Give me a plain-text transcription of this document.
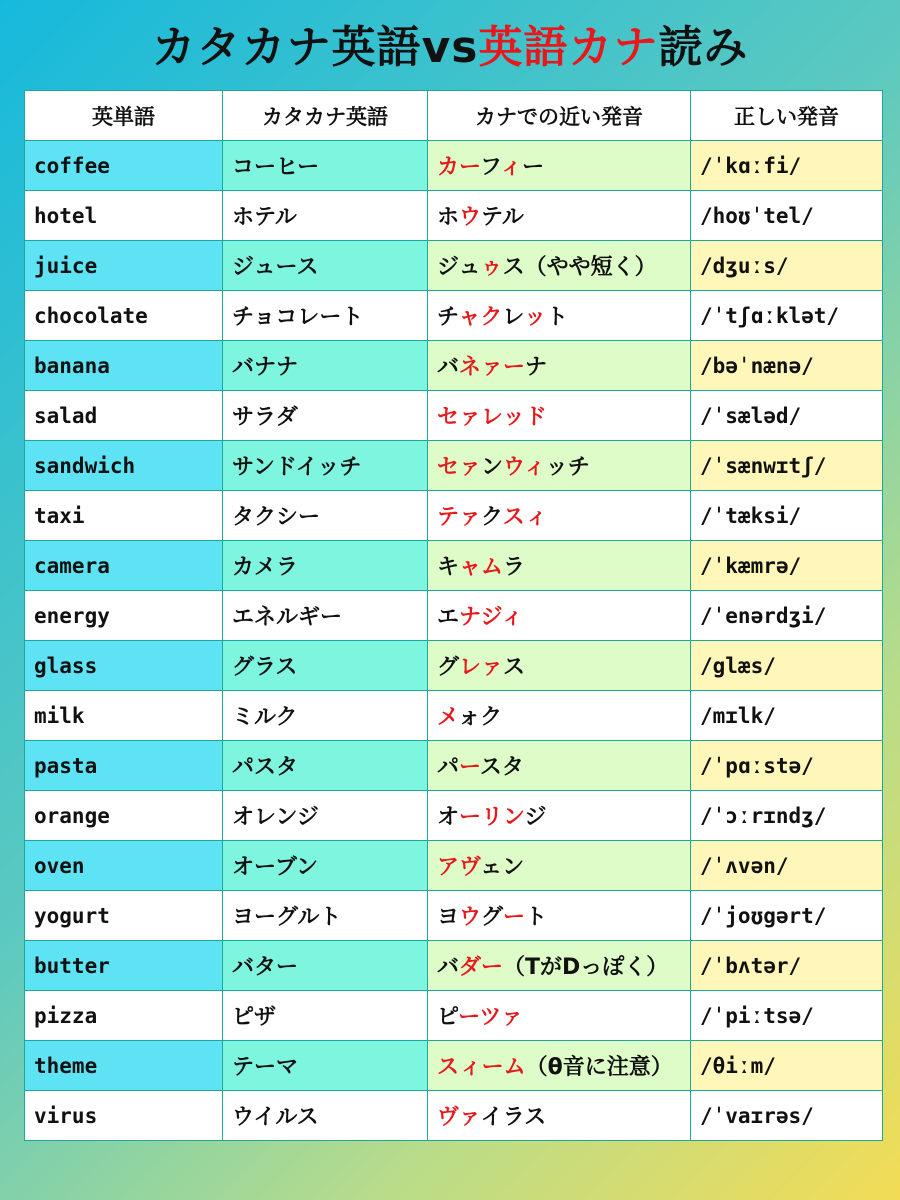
カタカナ英語vs英語カナ読み
英単語	カタカナ英語	カナでの近い発音	正しい発音
coffee	コーヒー	カーフィー	/ˈkɑːfi/
hotel	ホテル	ホウテル	/hoʊˈtel/
juice	ジュース	ジュゥス（やや短く）	/dʒuːs/
chocolate	チョコレート	チャクレット	/ˈtʃɑːklət/
banana	バナナ	バネァーナ	/bəˈnænə/
salad	サラダ	セァレッド	/ˈsæləd/
sandwich	サンドイッチ	セァンウィッチ	/ˈsænwɪtʃ/
taxi	タクシー	テァクスィ	/ˈtæksi/
camera	カメラ	キャムラ	/ˈkæmrə/
energy	エネルギー	エナジィ	/ˈenərdʒi/
glass	グラス	グレァス	/glæs/
milk	ミルク	メォク	/mɪlk/
pasta	パスタ	パースタ	/ˈpɑːstə/
orange	オレンジ	オーリンジ	/ˈɔːrɪndʒ/
oven	オーブン	アヴェン	/ˈʌvən/
yogurt	ヨーグルト	ヨウグート	/ˈjoʊgərt/
butter	バター	バダー（TがDっぽく）	/ˈbʌtər/
pizza	ピザ	ピーツァ	/ˈpiːtsə/
theme	テーマ	スィーム（θ音に注意）	/θiːm/
virus	ウイルス	ヴァイラス	/ˈvaɪrəs/
